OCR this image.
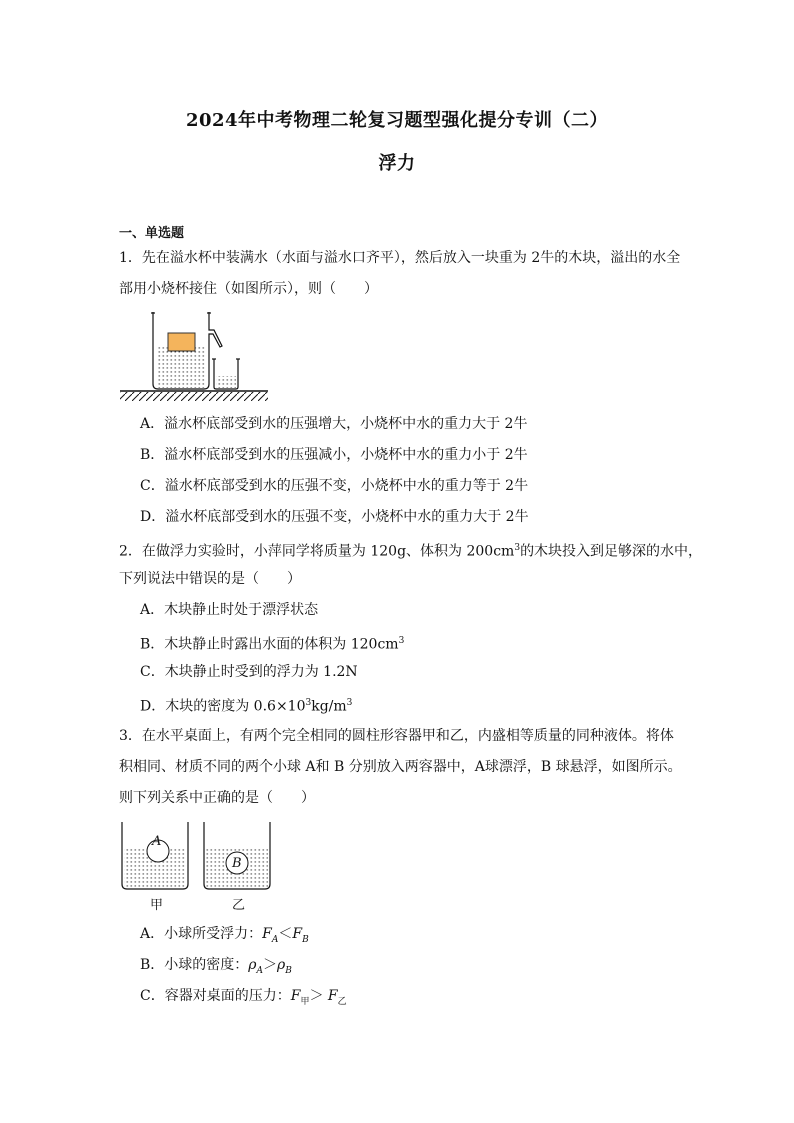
2024年中考物理二轮复习题型强化提分专训（二）
浮力
一、单选题
1．先在溢水杯中装满水（水面与溢水口齐平），然后放入一块重为 2牛的木块，溢出的水全
部用小烧杯接住（如图所示），则（　　）
A．溢水杯底部受到水的压强增大，小烧杯中水的重力大于 2牛
B．溢水杯底部受到水的压强减小，小烧杯中水的重力小于 2牛
C．溢水杯底部受到水的压强不变，小烧杯中水的重力等于 2牛
D．溢水杯底部受到水的压强不变，小烧杯中水的重力大于 2牛
2．在做浮力实验时，小萍同学将质量为 120g、体积为 $200cm^3$的木块投入到足够深的水中，
下列说法中错误的是（　　）
A．木块静止时处于漂浮状态
B．木块静止时露出水面的体积为 $120cm^3$
C．木块静止时受到的浮力为 1.2N
D．木块的密度为 $0.6\times 10^3kg/m^3$
3．在水平桌面上，有两个完全相同的圆柱形容器甲和乙，内盛相等质量的同种液体。将体
积相同、材质不同的两个小球 A和 B 分别放入两容器中，A球漂浮，B 球悬浮，如图所示。
则下列关系中正确的是（　　）
A
B
甲	乙
A．小球所受浮力：$F_A<F_B$
B．小球的密度：$\rho_A>\rho_B$
C．容器对桌面的压力：$F_甲> F_乙$
